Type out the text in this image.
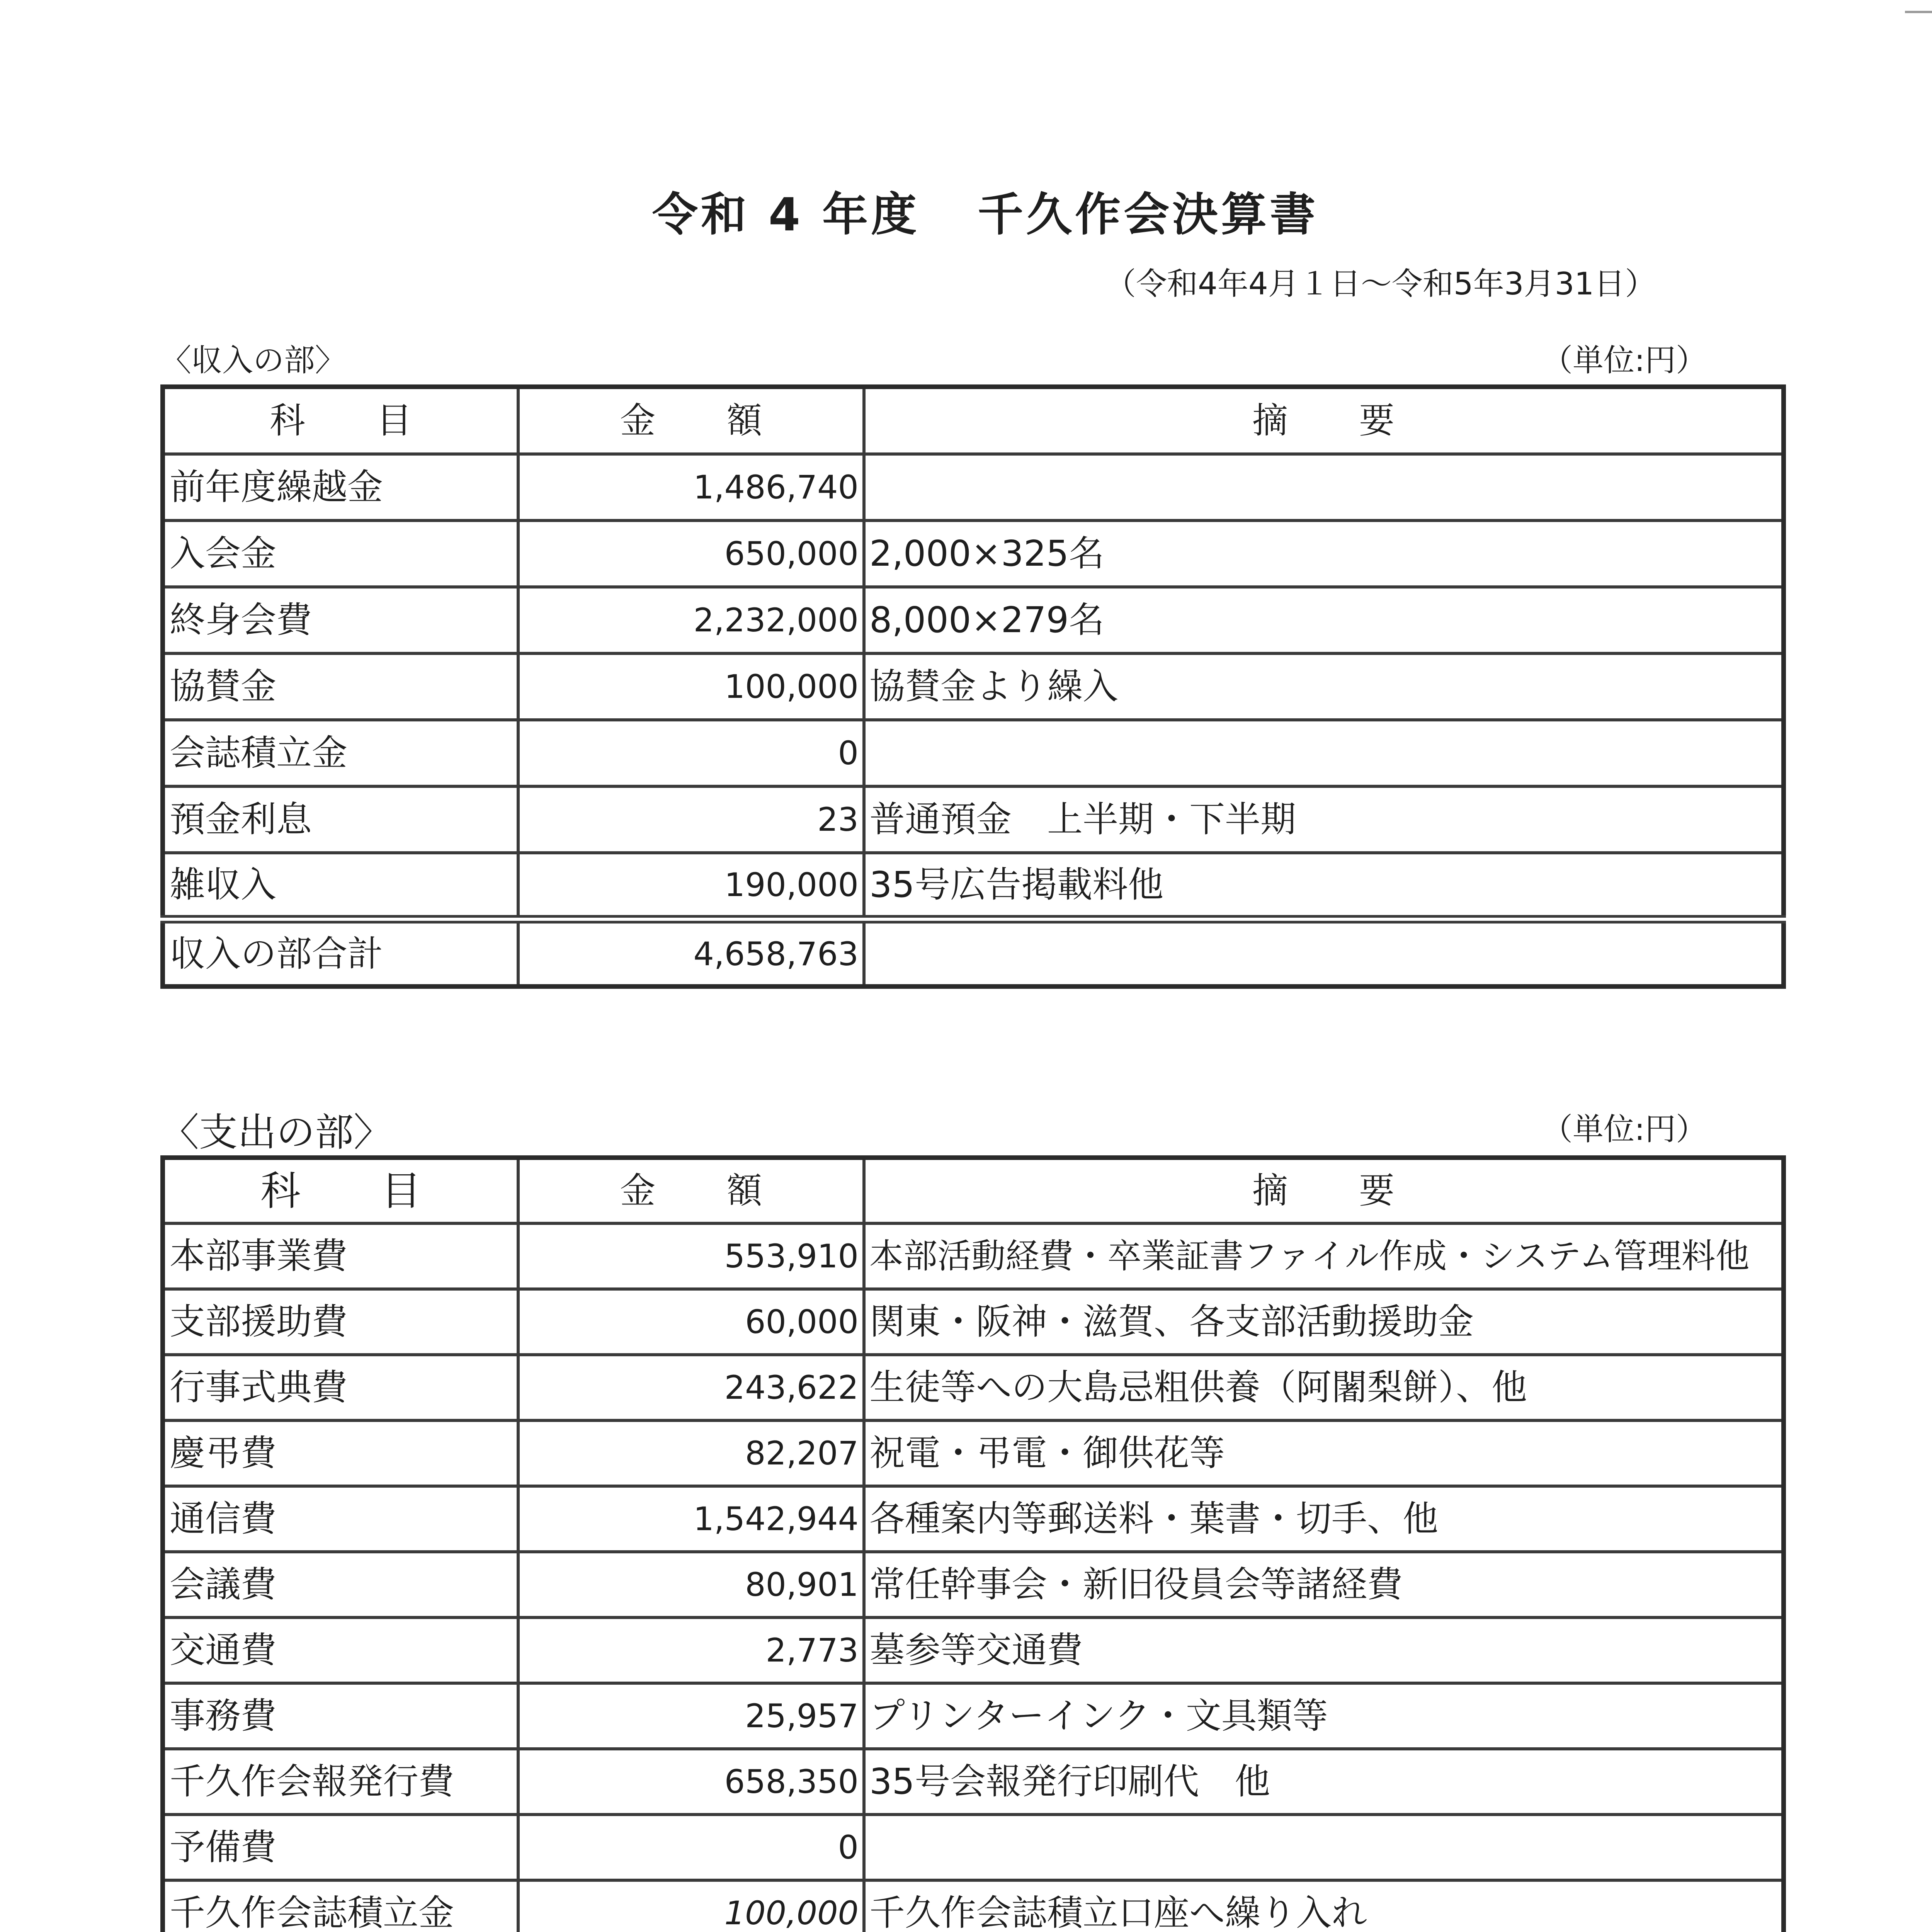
令和 4 年度 千久作会決算書
（令和4年4月１日～令和5年3月31日）
〈収入の部〉	（単位:円）
科　　目	金　　額	摘　　要
前年度繰越金	1,486,740	
入会金	650,000	2,000×325名
終身会費	2,232,000	8,000×279名
協賛金	100,000	協賛金より繰入
会誌積立金	0	
預金利息	23	普通預金　上半期・下半期
雑収入	190,000	35号広告掲載料他
収入の部合計	4,658,763	
〈支出の部〉	（単位:円）
科　　目	金　　額	摘　　要
本部事業費	553,910	本部活動経費・卒業証書ファイル作成・システム管理料他
支部援助費	60,000	関東・阪神・滋賀、各支部活動援助金
行事式典費	243,622	生徒等への大島忌粗供養（阿闍梨餅）、他
慶弔費	82,207	祝電・弔電・御供花等
通信費	1,542,944	各種案内等郵送料・葉書・切手、他
会議費	80,901	常任幹事会・新旧役員会等諸経費
交通費	2,773	墓参等交通費
事務費	25,957	プリンターインク・文具類等
千久作会報発行費	658,350	35号会報発行印刷代　他
予備費	0	
千久作会誌積立金	100,000	千久作会誌積立口座へ繰り入れ
